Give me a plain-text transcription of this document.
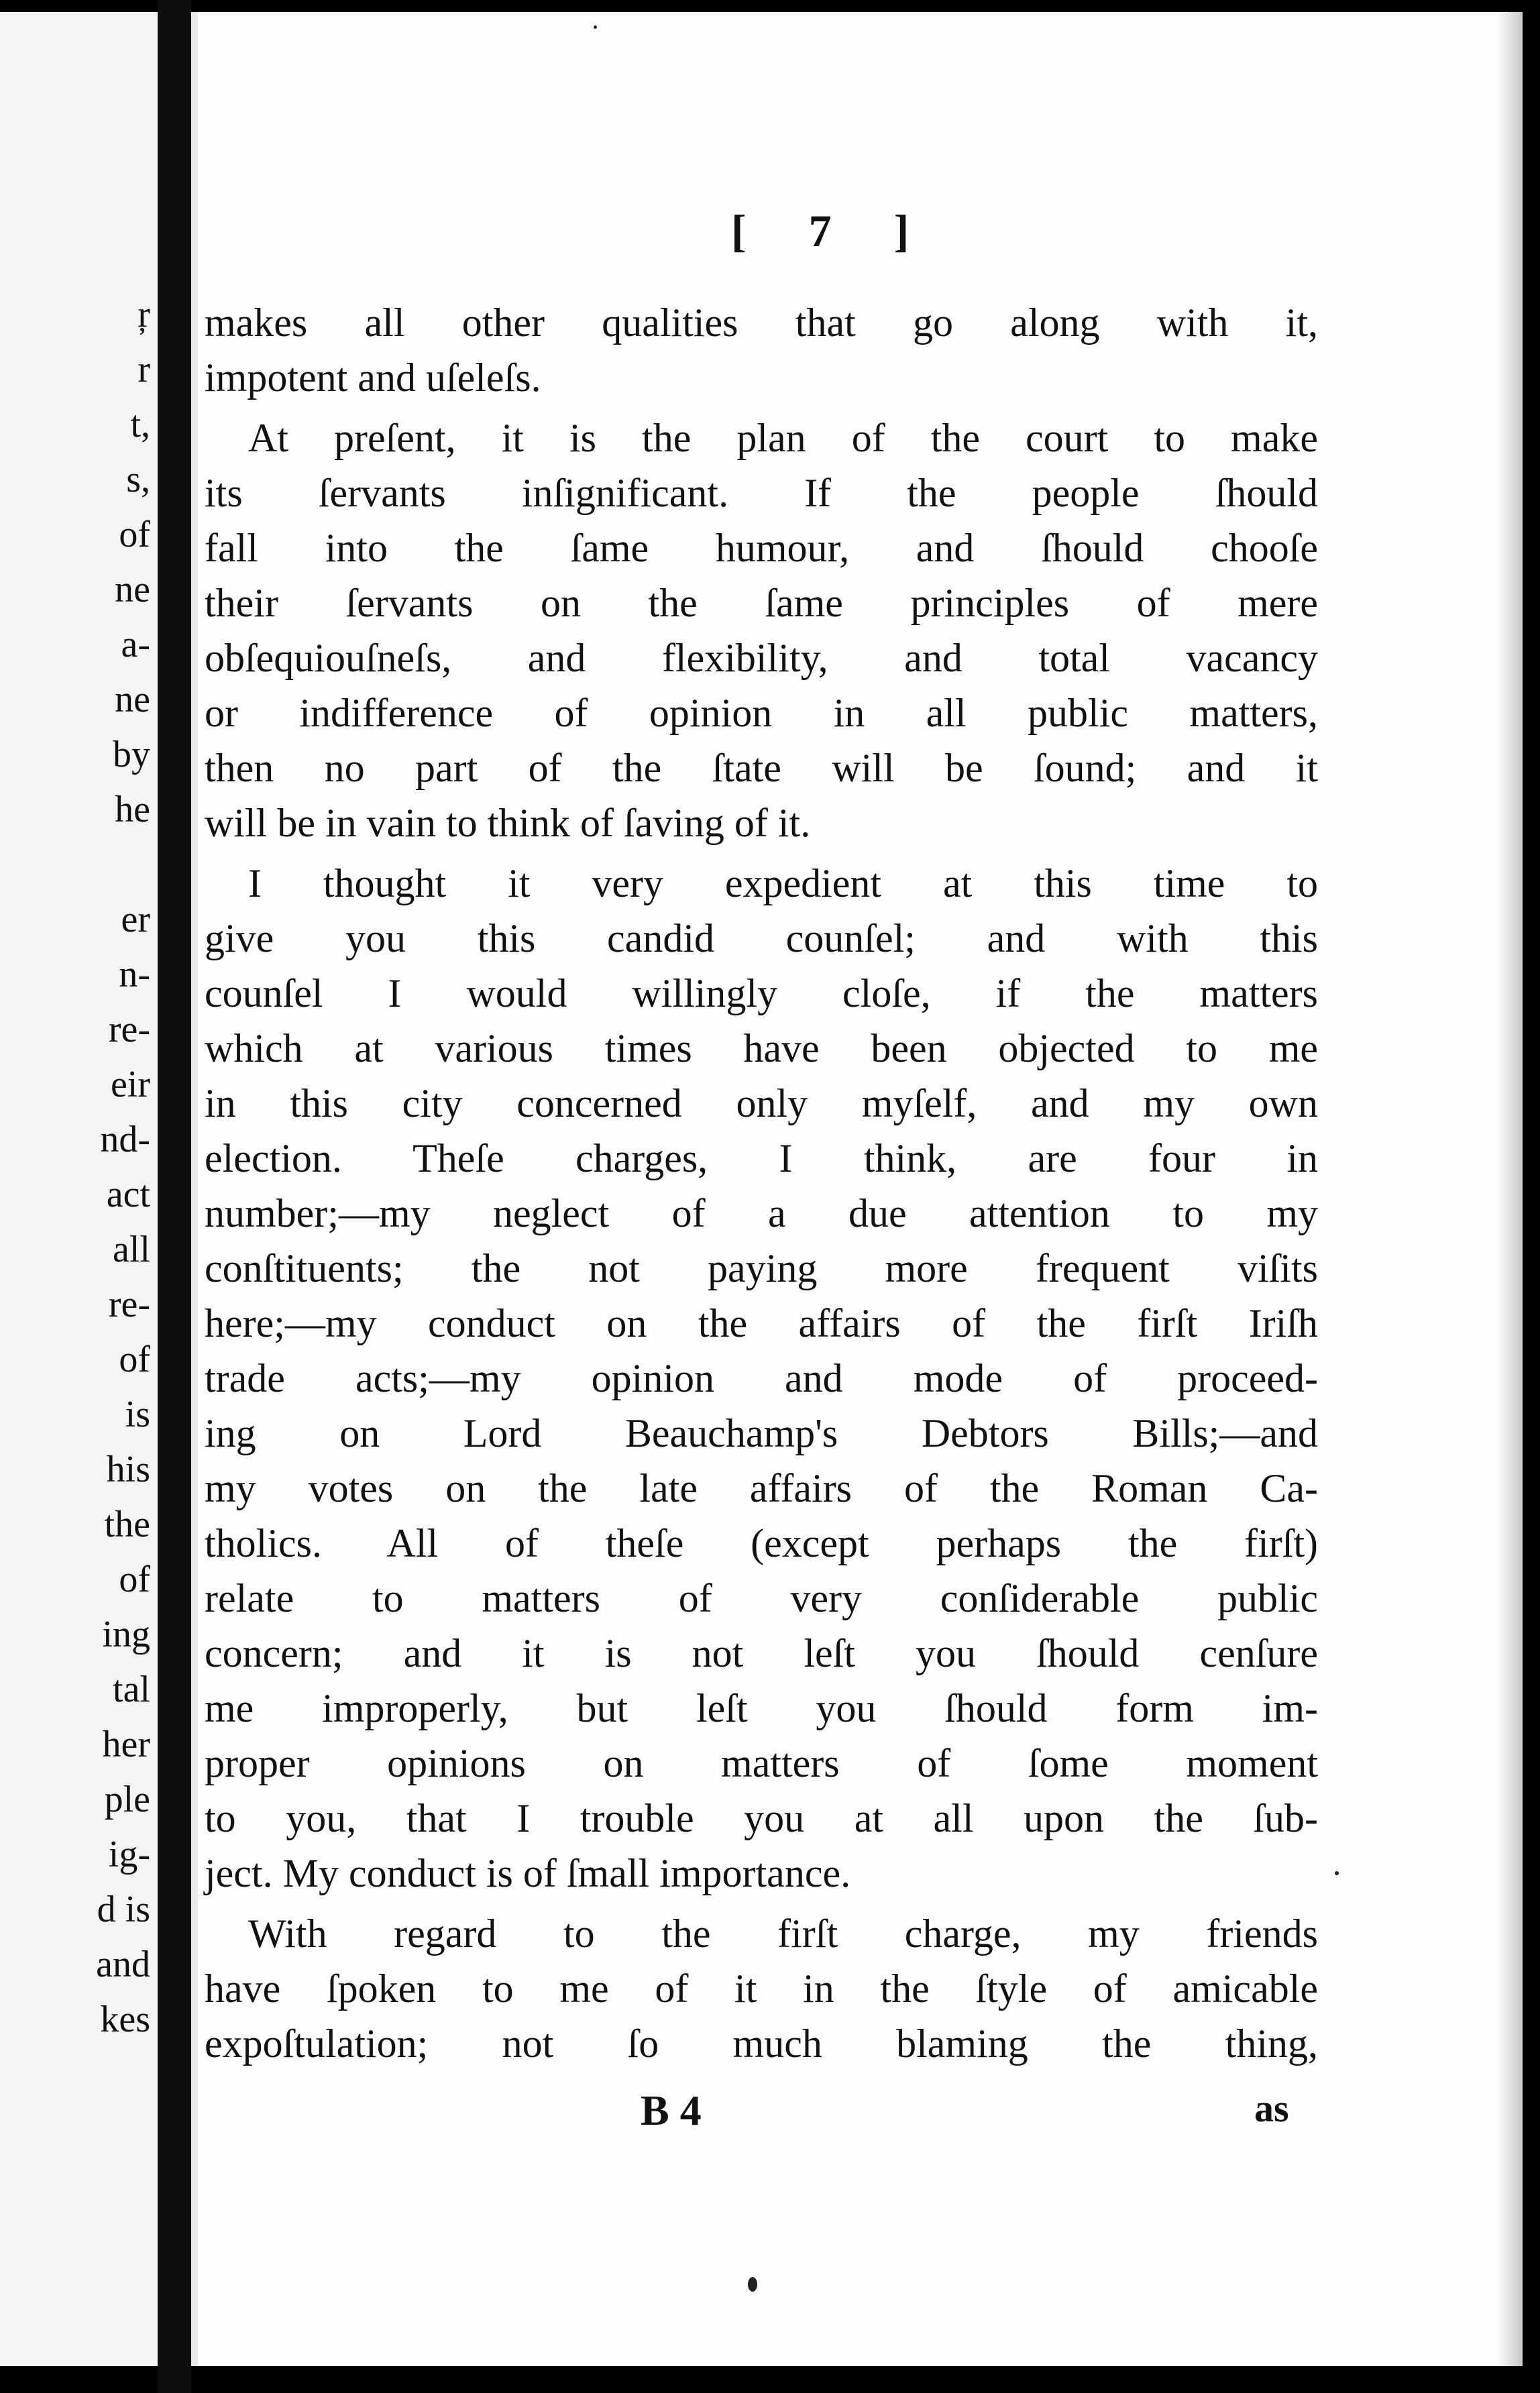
ŗ
r
t,
s,
of
ne
a-
ne
by
he
er
n-
re-
eir
nd-
act
all
re-
of
is
his
the
of
ing
tal
her
ple
ig-
d is
and
kes
[ 7 ]
makes all other qualities that go along with it,
impotent and uſeleſs.
At preſent, it is the plan of the court to make
its ſervants inſignificant. If the people ſhould
fall into the ſame humour, and ſhould chooſe
their ſervants on the ſame principles of mere
obſequiouſneſs, and flexibility, and total vacancy
or indifference of opinion in all public matters,
then no part of the ſtate will be ſound; and it
will be in vain to think of ſaving of it.
I thought it very expedient at this time to
give you this candid counſel; and with this
counſel I would willingly cloſe, if the matters
which at various times have been objected to me
in this city concerned only myſelf, and my own
election. Theſe charges, I think, are four in
number;—my neglect of a due attention to my
conſtituents; the not paying more frequent viſits
here;—my conduct on the affairs of the firſt Iriſh
trade acts;—my opinion and mode of proceed-
ing on Lord Beauchamp's Debtors Bills;—and
my votes on the late affairs of the Roman Ca-
tholics. All of theſe (except perhaps the firſt)
relate to matters of very conſiderable public
concern; and it is not leſt you ſhould cenſure
me improperly, but leſt you ſhould form im-
proper opinions on matters of ſome moment
to you, that I trouble you at all upon the ſub-
ject. My conduct is of ſmall importance.
With regard to the firſt charge, my friends
have ſpoken to me of it in the ſtyle of amicable
expoſtulation; not ſo much blaming the thing,
B 4	as
